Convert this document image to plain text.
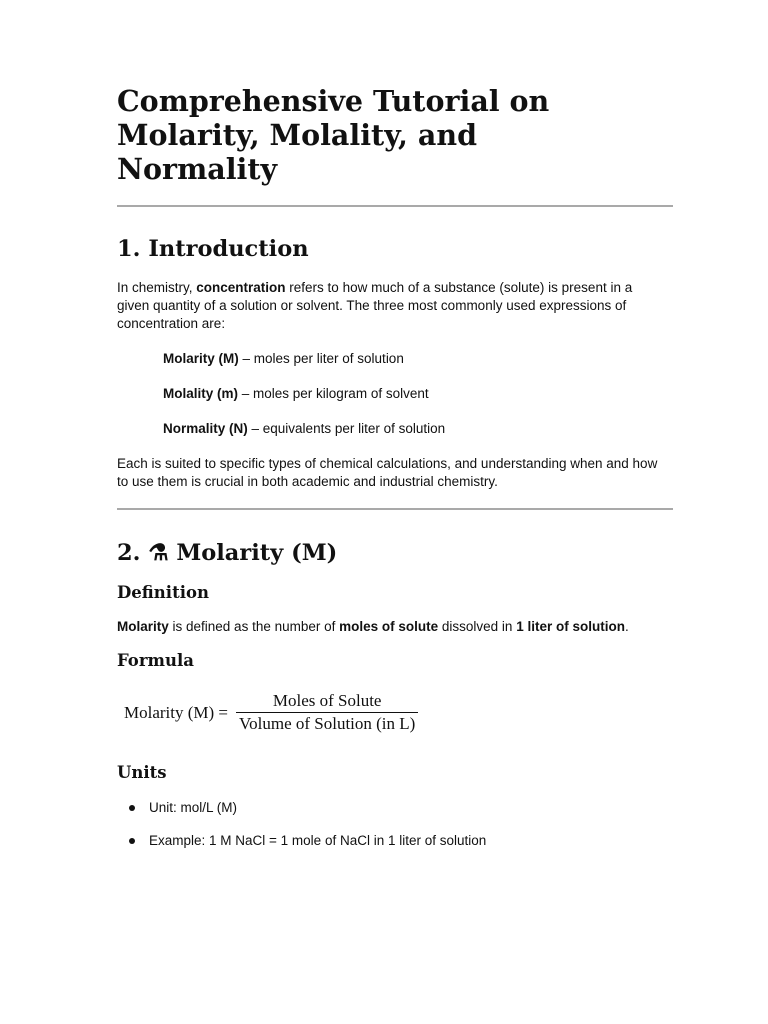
Comprehensive Tutorial on Molarity, Molality, and Normality
1. Introduction

In chemistry, concentration refers to how much of a substance (solute) is present in a given quantity of a solution or solvent. The three most commonly used expressions of concentration are:

Molarity (M) – moles per liter of solution
Molality (m) – moles per kilogram of solvent
Normality (N) – equivalents per liter of solution

Each is suited to specific types of chemical calculations, and understanding when and how to use them is crucial in both academic and industrial chemistry.

2. ⚗ Molarity (M)
Definition

Molarity is defined as the number of moles of solute dissolved in 1 liter of solution.

Formula
Molarity $(M) = \frac{\text{Moles of Solute}}{\text{Volume of Solution (in L)}}$
Units
Unit: mol/L (M)
Example: 1 M NaCl = 1 mole of NaCl in 1 liter of solution
